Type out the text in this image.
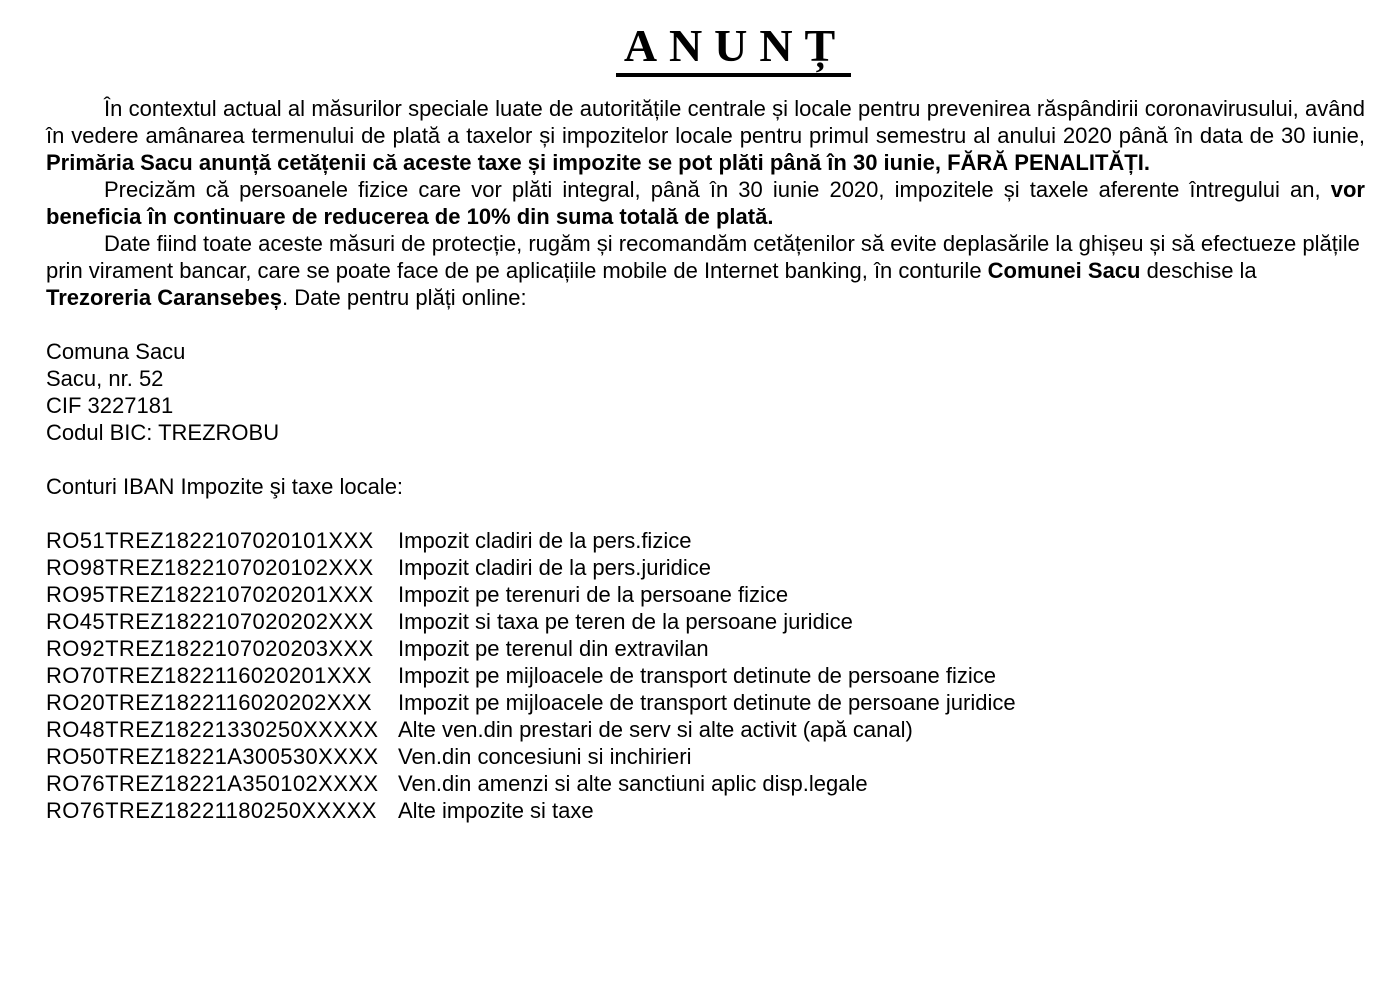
ANUNȚ

În contextul actual al măsurilor speciale luate de autoritățile centrale și locale pentru prevenirea răspândirii coronavirusului, având în vedere amânarea termenului de plată a taxelor și impozitelor locale pentru primul semestru al anului 2020 până în data de 30 iunie, Primăria Sacu anunță cetățenii că aceste taxe și impozite se pot plăti până în 30 iunie, FĂRĂ PENALITĂȚI.

Precizăm că persoanele fizice care vor plăti integral, până în 30 iunie 2020, impozitele și taxele aferente întregului an, vor beneficia în continuare de reducerea de 10% din suma totală de plată.

Date fiind toate aceste măsuri de protecție, rugăm și recomandăm cetățenilor să evite deplasările la ghișeu și să efectueze plățile prin virament bancar, care se poate face de pe aplicațiile mobile de Internet banking, în conturile Comunei Sacu deschise la Trezoreria Caransebeș. Date pentru plăți online:

Comuna Sacu
Sacu, nr. 52
CIF 3227181
Codul BIC: TREZROBU
Conturi IBAN Impozite şi taxe locale:
RO51TREZ1822107020101XXX Impozit cladiri de la pers.fizice
RO98TREZ1822107020102XXX Impozit cladiri de la pers.juridice
RO95TREZ1822107020201XXX Impozit pe terenuri de la persoane fizice
RO45TREZ1822107020202XXX Impozit si taxa pe teren de la persoane juridice
RO92TREZ1822107020203XXX Impozit pe terenul din extravilan
RO70TREZ1822116020201XXX Impozit pe mijloacele de transport detinute de persoane fizice
RO20TREZ1822116020202XXX Impozit pe mijloacele de transport detinute de persoane juridice
RO48TREZ18221330250XXXXX Alte ven.din prestari de serv si alte activit (apă canal)
RO50TREZ18221A300530XXXX Ven.din concesiuni si inchirieri
RO76TREZ18221A350102XXXX Ven.din amenzi si alte sanctiuni aplic disp.legale
RO76TREZ18221180250XXXXX Alte impozite si taxe
